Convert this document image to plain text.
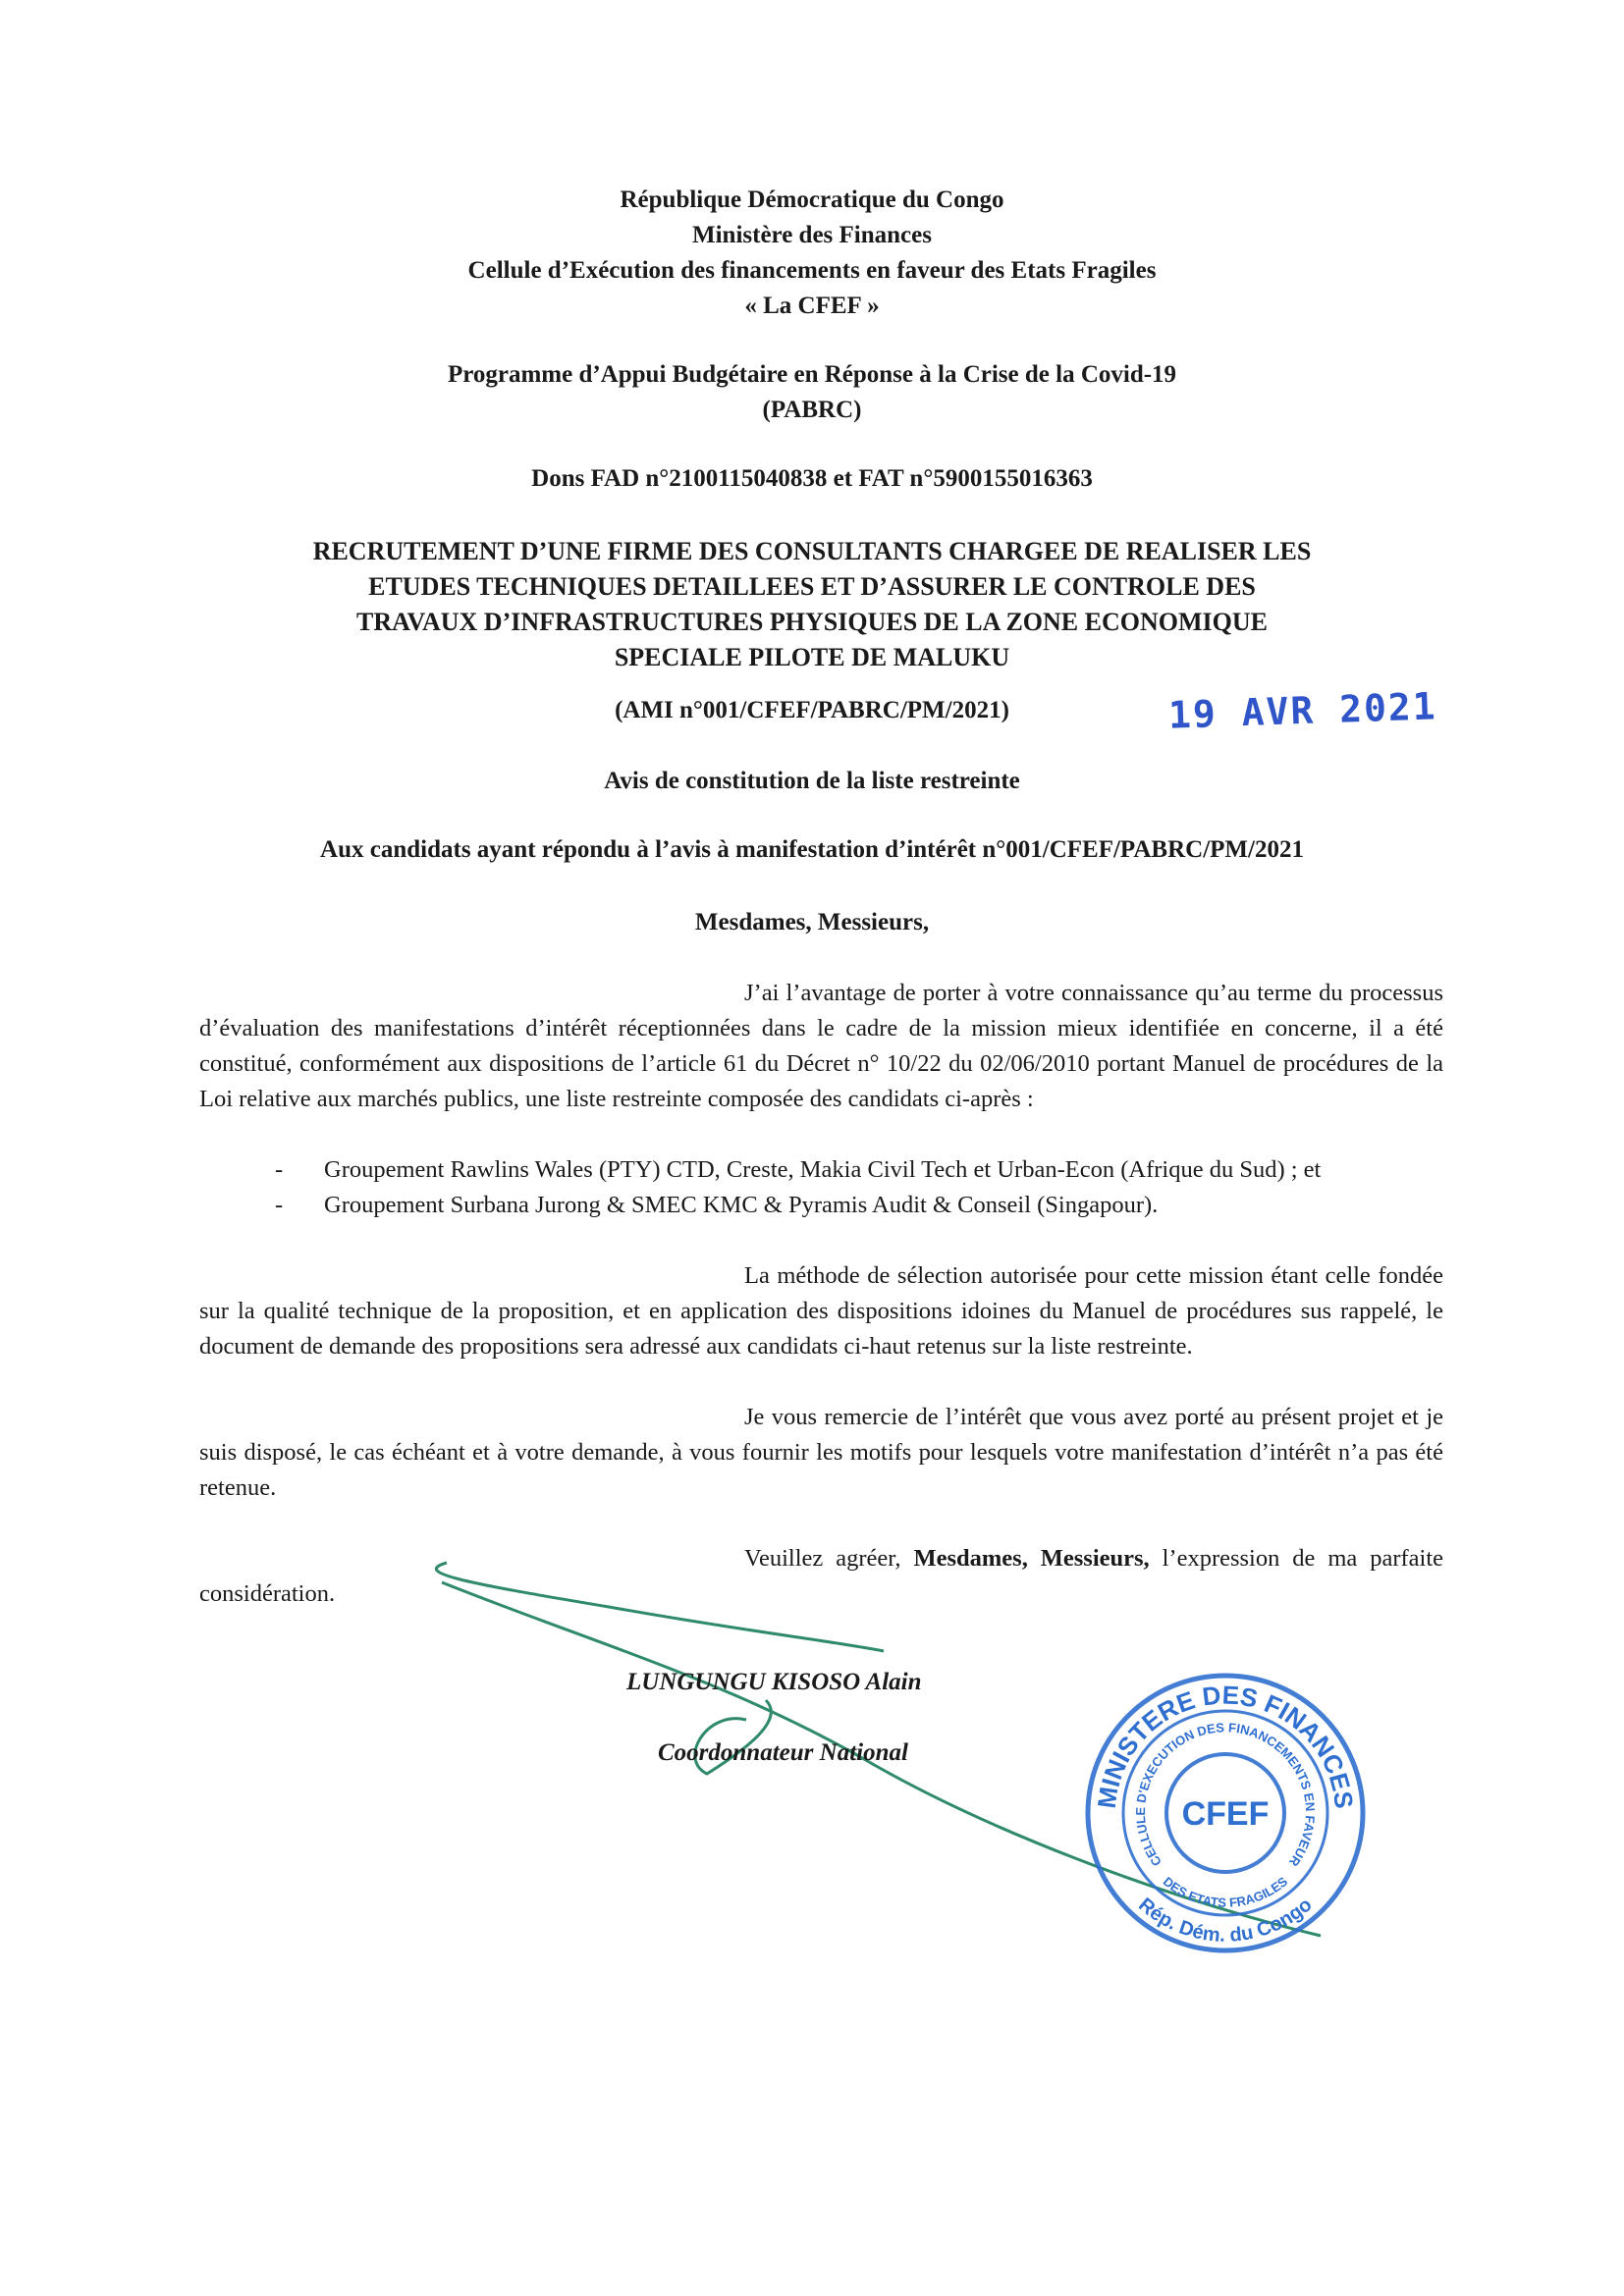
République Démocratique du Congo
Ministère des Finances
Cellule d’Exécution des financements en faveur des Etats Fragiles
« La CFEF »
Programme d’Appui Budgétaire en Réponse à la Crise de la Covid-19
(PABRC)
Dons FAD n°2100115040838 et FAT n°5900155016363
RECRUTEMENT D’UNE FIRME DES CONSULTANTS CHARGEE DE REALISER LES
ETUDES TECHNIQUES DETAILLEES ET D’ASSURER LE CONTROLE DES
TRAVAUX D’INFRASTRUCTURES PHYSIQUES DE LA ZONE ECONOMIQUE
SPECIALE PILOTE DE MALUKU
(AMI n°001/CFEF/PABRC/PM/2021)	19 AVR 2021
Avis de constitution de la liste restreinte
Aux candidats ayant répondu à l’avis à manifestation d’intérêt n°001/CFEF/PABRC/PM/2021
Mesdames, Messieurs,
J’ai l’avantage de porter à votre connaissance qu’au terme du processus d’évaluation des manifestations d’intérêt réceptionnées dans le cadre de la mission mieux identifiée en concerne, il a été constitué, conformément aux dispositions de l’article 61 du Décret n° 10/22 du 02/06/2010 portant Manuel de procédures de la Loi relative aux marchés publics, une liste restreinte composée des candidats ci-après :
- Groupement Rawlins Wales (PTY) CTD, Creste, Makia Civil Tech et Urban-Econ (Afrique du Sud) ; et
- Groupement Surbana Jurong & SMEC KMC & Pyramis Audit & Conseil (Singapour).
La méthode de sélection autorisée pour cette mission étant celle fondée sur la qualité technique de la proposition, et en application des dispositions idoines du Manuel de procédures sus rappelé, le document de demande des propositions sera adressé aux candidats ci-haut retenus sur la liste restreinte.
Je vous remercie de l’intérêt que vous avez porté au présent projet et je suis disposé, le cas échéant et à votre demande, à vous fournir les motifs pour lesquels votre manifestation d’intérêt n’a pas été retenue.
Veuillez agréer, Mesdames, Messieurs, l’expression de ma parfaite considération.
LUNGUNGU KISOSO Alain
Coordonnateur National
MINISTERE DES FINANCES
CELLULE D'EXECUTION DES FINANCEMENTS EN FAVEUR
Rép. Dém. du Congo
DES ETATS FRAGILES
CFEF
